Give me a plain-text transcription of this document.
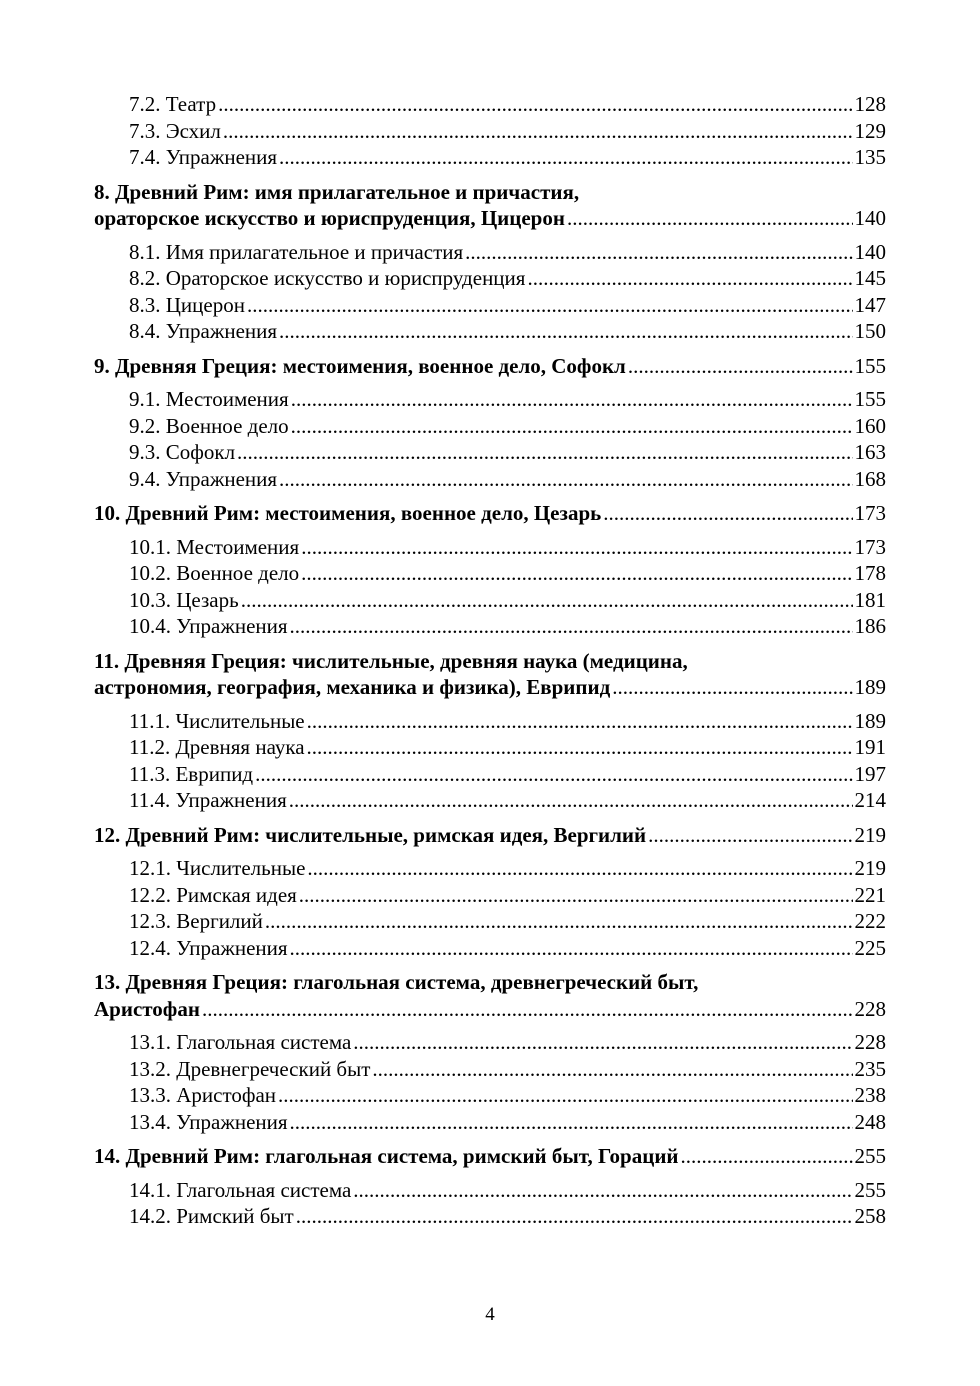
7.2. Театр .....	128
7.3. Эсхил .....	129
7.4. Упражнения .....	135
8. Древний Рим: имя прилагательное и причастия,
ораторское искусство и юриспруденция, Цицерон .....	140
8.1. Имя прилагательное и причастия .....	140
8.2. Ораторское искусство и юриспруденция .....	145
8.3. Цицерон .....	147
8.4. Упражнения .....	150
9. Древняя Греция: местоимения, военное дело, Софокл .....	155
9.1. Местоимения .....	155
9.2. Военное дело .....	160
9.3. Софокл .....	163
9.4. Упражнения .....	168
10. Древний Рим: местоимения, военное дело, Цезарь .....	173
10.1. Местоимения .....	173
10.2. Военное дело .....	178
10.3. Цезарь .....	181
10.4. Упражнения .....	186
11. Древняя Греция: числительные, древняя наука (медицина,
астрономия, география, механика и физика), Еврипид .....	189
11.1. Числительные .....	189
11.2. Древняя наука .....	191
11.3. Еврипид .....	197
11.4. Упражнения .....	214
12. Древний Рим: числительные, римская идея, Вергилий .....	219
12.1. Числительные .....	219
12.2. Римская идея .....	221
12.3. Вергилий .....	222
12.4. Упражнения .....	225
13. Древняя Греция: глагольная система, древнегреческий быт,
Аристофан .....	228
13.1. Глагольная система .....	228
13.2. Древнегреческий быт .....	235
13.3. Аристофан .....	238
13.4. Упражнения .....	248
14. Древний Рим: глагольная система, римский быт, Гораций .....	255
14.1. Глагольная система .....	255
14.2. Римский быт .....	258
4
